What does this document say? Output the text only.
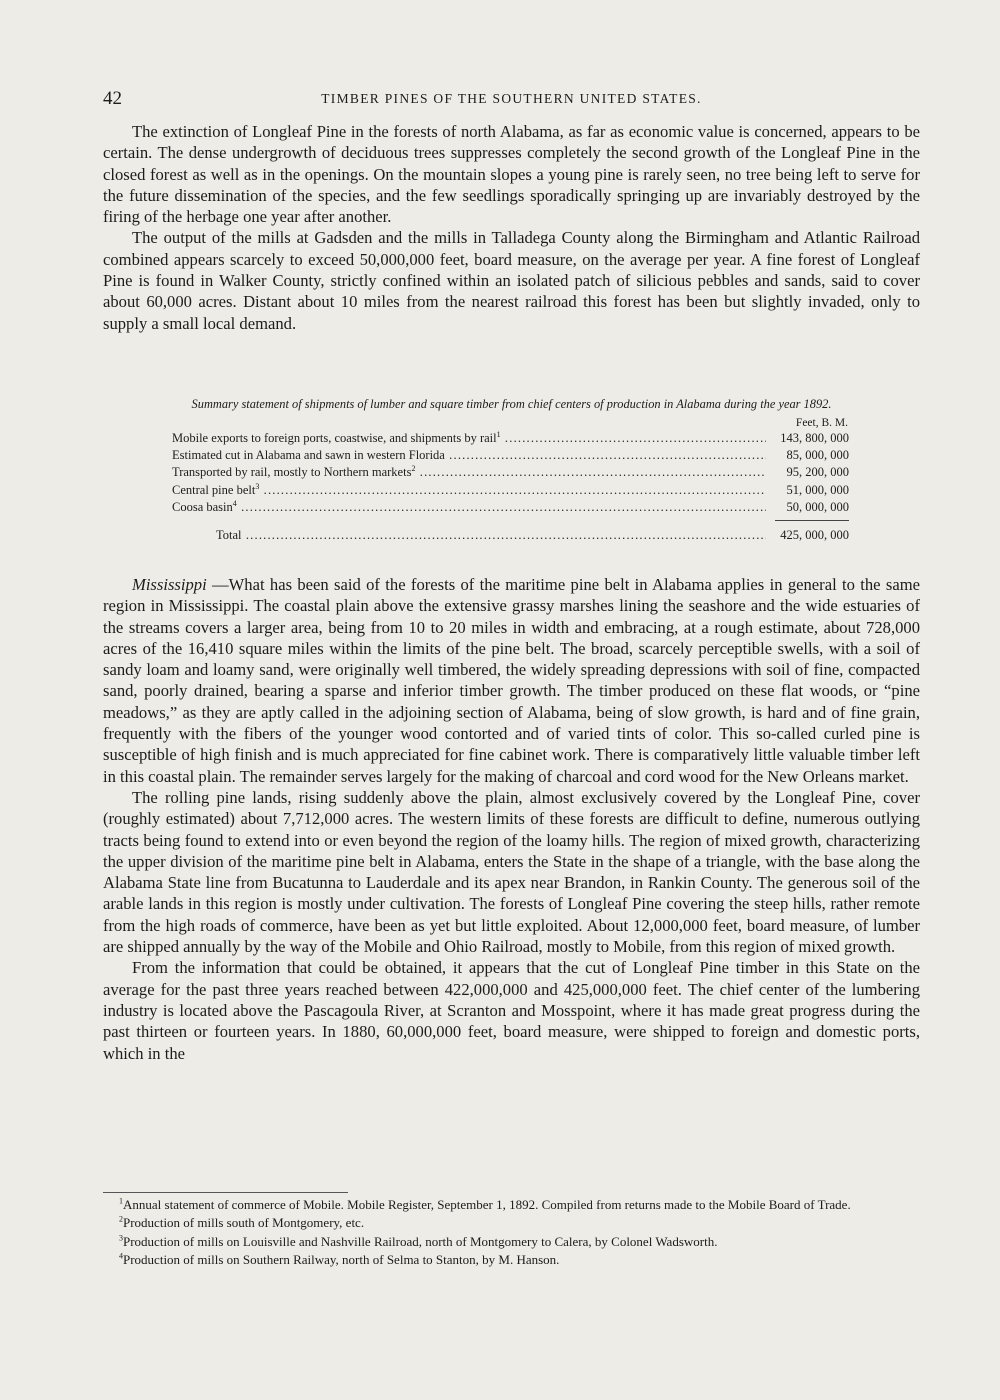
42	TIMBER PINES OF THE SOUTHERN UNITED STATES.

The extinction of Longleaf Pine in the forests of north Alabama, as far as economic value is concerned, appears to be certain. The dense undergrowth of deciduous trees suppresses completely the second growth of the Longleaf Pine in the closed forest as well as in the openings. On the mountain slopes a young pine is rarely seen, no tree being left to serve for the future dissemination of the species, and the few seedlings sporadically springing up are invariably destroyed by the firing of the herbage one year after another.

The output of the mills at Gadsden and the mills in Talladega County along the Birmingham and Atlantic Railroad combined appears scarcely to exceed 50,000,000 feet, board measure, on the average per year. A fine forest of Longleaf Pine is found in Walker County, strictly confined within an isolated patch of silicious pebbles and sands, said to cover about 60,000 acres. Distant about 10 miles from the nearest railroad this forest has been but slightly invaded, only to supply a small local demand.

Summary statement of shipments of lumber and square timber from chief centers of production in Alabama during the year 1892.

Feet, B. M.
Mobile exports to foreign ports, coastwise, and shipments by rail$^1$ .....	143, 800, 000
Estimated cut in Alabama and sawn in western Florida .....	85, 000, 000
Transported by rail, mostly to Northern markets$^2$ .....	95, 200, 000
Central pine belt$^3$ .....	51, 000, 000
Coosa basin$^4$ .....	50, 000, 000
Total .....	425, 000, 000

Mississippi —What has been said of the forests of the maritime pine belt in Alabama applies in general to the same region in Mississippi. The coastal plain above the extensive grassy marshes lining the seashore and the wide estuaries of the streams covers a larger area, being from 10 to 20 miles in width and embracing, at a rough estimate, about 728,000 acres of the 16,410 square miles within the limits of the pine belt. The broad, scarcely perceptible swells, with a soil of sandy loam and loamy sand, were originally well timbered, the widely spreading depressions with soil of fine, compacted sand, poorly drained, bearing a sparse and inferior timber growth. The timber produced on these flat woods, or “pine meadows,” as they are aptly called in the adjoining section of Alabama, being of slow growth, is hard and of fine grain, frequently with the fibers of the younger wood contorted and of varied tints of color. This so-called curled pine is susceptible of high finish and is much appreciated for fine cabinet work. There is comparatively little valuable timber left in this coastal plain. The remainder serves largely for the making of charcoal and cord wood for the New Orleans market.

The rolling pine lands, rising suddenly above the plain, almost exclusively covered by the Longleaf Pine, cover (roughly estimated) about 7,712,000 acres. The western limits of these forests are difficult to define, numerous outlying tracts being found to extend into or even beyond the region of the loamy hills. The region of mixed growth, characterizing the upper division of the maritime pine belt in Alabama, enters the State in the shape of a triangle, with the base along the Alabama State line from Bucatunna to Lauderdale and its apex near Brandon, in Rankin County. The generous soil of the arable lands in this region is mostly under cultivation. The forests of Longleaf Pine covering the steep hills, rather remote from the high roads of commerce, have been as yet but little exploited. About 12,000,000 feet, board measure, of lumber are shipped annually by the way of the Mobile and Ohio Railroad, mostly to Mobile, from this region of mixed growth.

From the information that could be obtained, it appears that the cut of Longleaf Pine timber in this State on the average for the past three years reached between 422,000,000 and 425,000,000 feet. The chief center of the lumbering industry is located above the Pascagoula River, at Scranton and Mosspoint, where it has made great progress during the past thirteen or fourteen years. In 1880, 60,000,000 feet, board measure, were shipped to foreign and domestic ports, which in the

$^1$Annual statement of commerce of Mobile. Mobile Register, September 1, 1892. Compiled from returns made to the Mobile Board of Trade.

$^2$Production of mills south of Montgomery, etc.

$^3$Production of mills on Louisville and Nashville Railroad, north of Montgomery to Calera, by Colonel Wadsworth.

$^4$Production of mills on Southern Railway, north of Selma to Stanton, by M. Hanson.
